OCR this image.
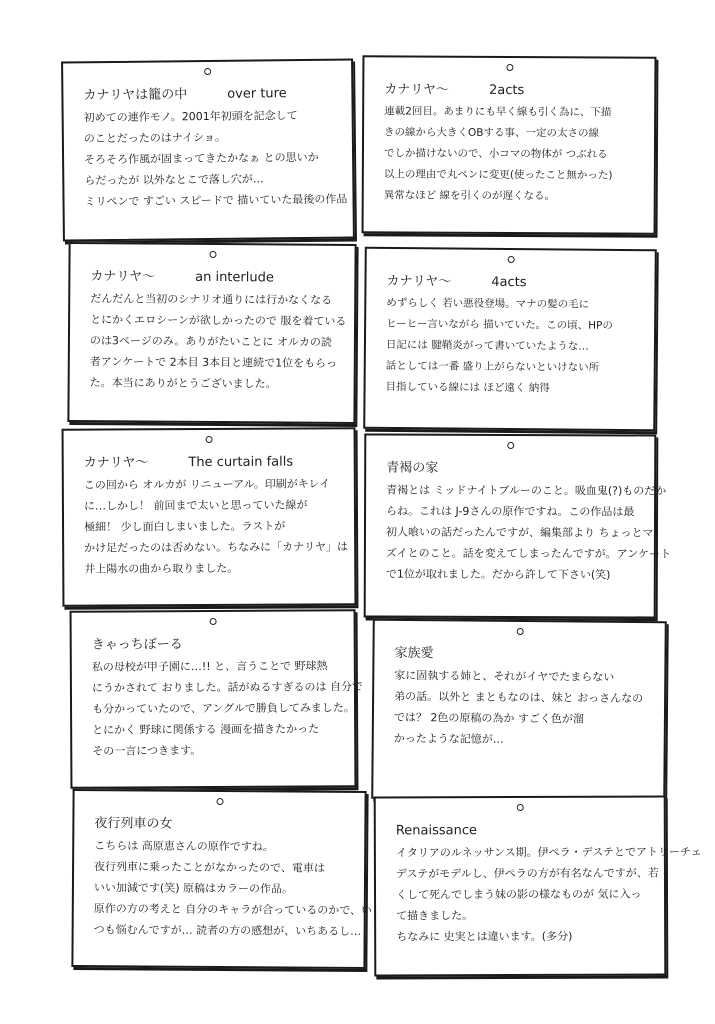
カナリヤは籠の中	over ture

初めての連作モノ。2001年初頭を記念して

のことだったのはナイショ。

そろそろ作風が固まってきたかなぁ との思いか

らだったが 以外なとこで落し穴が…

ミリペンで すごい スピードで 描いていた最後の作品

カナリヤ〜	2acts

連載2回目。あまりにも早く線も引く為に、下描

きの線から大きくOBする事、一定の太さの線

でしか描けないので、小コマの物体が つぶれる

以上の理由で丸ペンに変更(使ったこと無かった)

異常なほど 線を引くのが遅くなる。

カナリヤ〜	an interlude

だんだんと当初のシナリオ通りには行かなくなる

とにかくエロシーンが欲しかったので 服を着ている

のは3ページのみ。ありがたいことに オルカの読

者アンケートで 2本目 3本目と連続で1位をもらっ

た。本当にありがとうございました。

カナリヤ〜	4acts

めずらしく 若い悪役登場。マナの髪の毛に

ヒーヒー言いながら 描いていた。この頃、HPの

日記には 腱鞘炎がって書いていたような…

話としては一番 盛り上がらないといけない所

目指している線には ほど遠く 納得

カナリヤ〜	The curtain falls

この回から オルカが リニューアル。印刷がキレイ

に…しかし！ 前回まで太いと思っていた線が

極細！ 少し面白しまいました。ラストが

かけ足だったのは否めない。ちなみに「カナリヤ」は

井上陽水の曲から取りました。

青褐の家

青褐とは ミッドナイトブルーのこと。吸血鬼(?)ものだか

らね。これは J-9さんの原作ですね。この作品は最

初人喰いの話だったんですが、編集部より ちょっとマ

ズイとのこと。話を変えてしまったんですが。アンケート

で1位が取れました。だから許して下さい(笑)

きゃっちぼーる

私の母校が甲子園に…!! と、言うことで 野球熱

にうかされて おりました。話がぬるすぎるのは 自分で

も分かっていたので、アングルで勝負してみました。

とにかく 野球に関係する 漫画を描きたかった

その一言につきます。

家族愛

家に固執する姉と、それがイヤでたまらない

弟の話。以外と まともなのは、妹と おっさんなの

では？ 2色の原稿の為か すごく色が溜

かったような記憶が…

夜行列車の女

こちらは 高原恵さんの原作ですね。

夜行列車に乗ったことがなかったので、電車は

いい加減です(笑) 原稿はカラーの作品。

原作の方の考えと 自分のキャラが合っているのかで、い

つも悩むんですが… 読者の方の感想が、いちあるし…

Renaissance

イタリアのルネッサンス期。伊ぺラ・デステとでアトリーチェ

デステがモデルし、伊ぺラの方が有名なんですが、若

くして死んでしまう妹の影の様なものが 気に入っ

て描きました。

ちなみに 史実とは違います。(多分)
